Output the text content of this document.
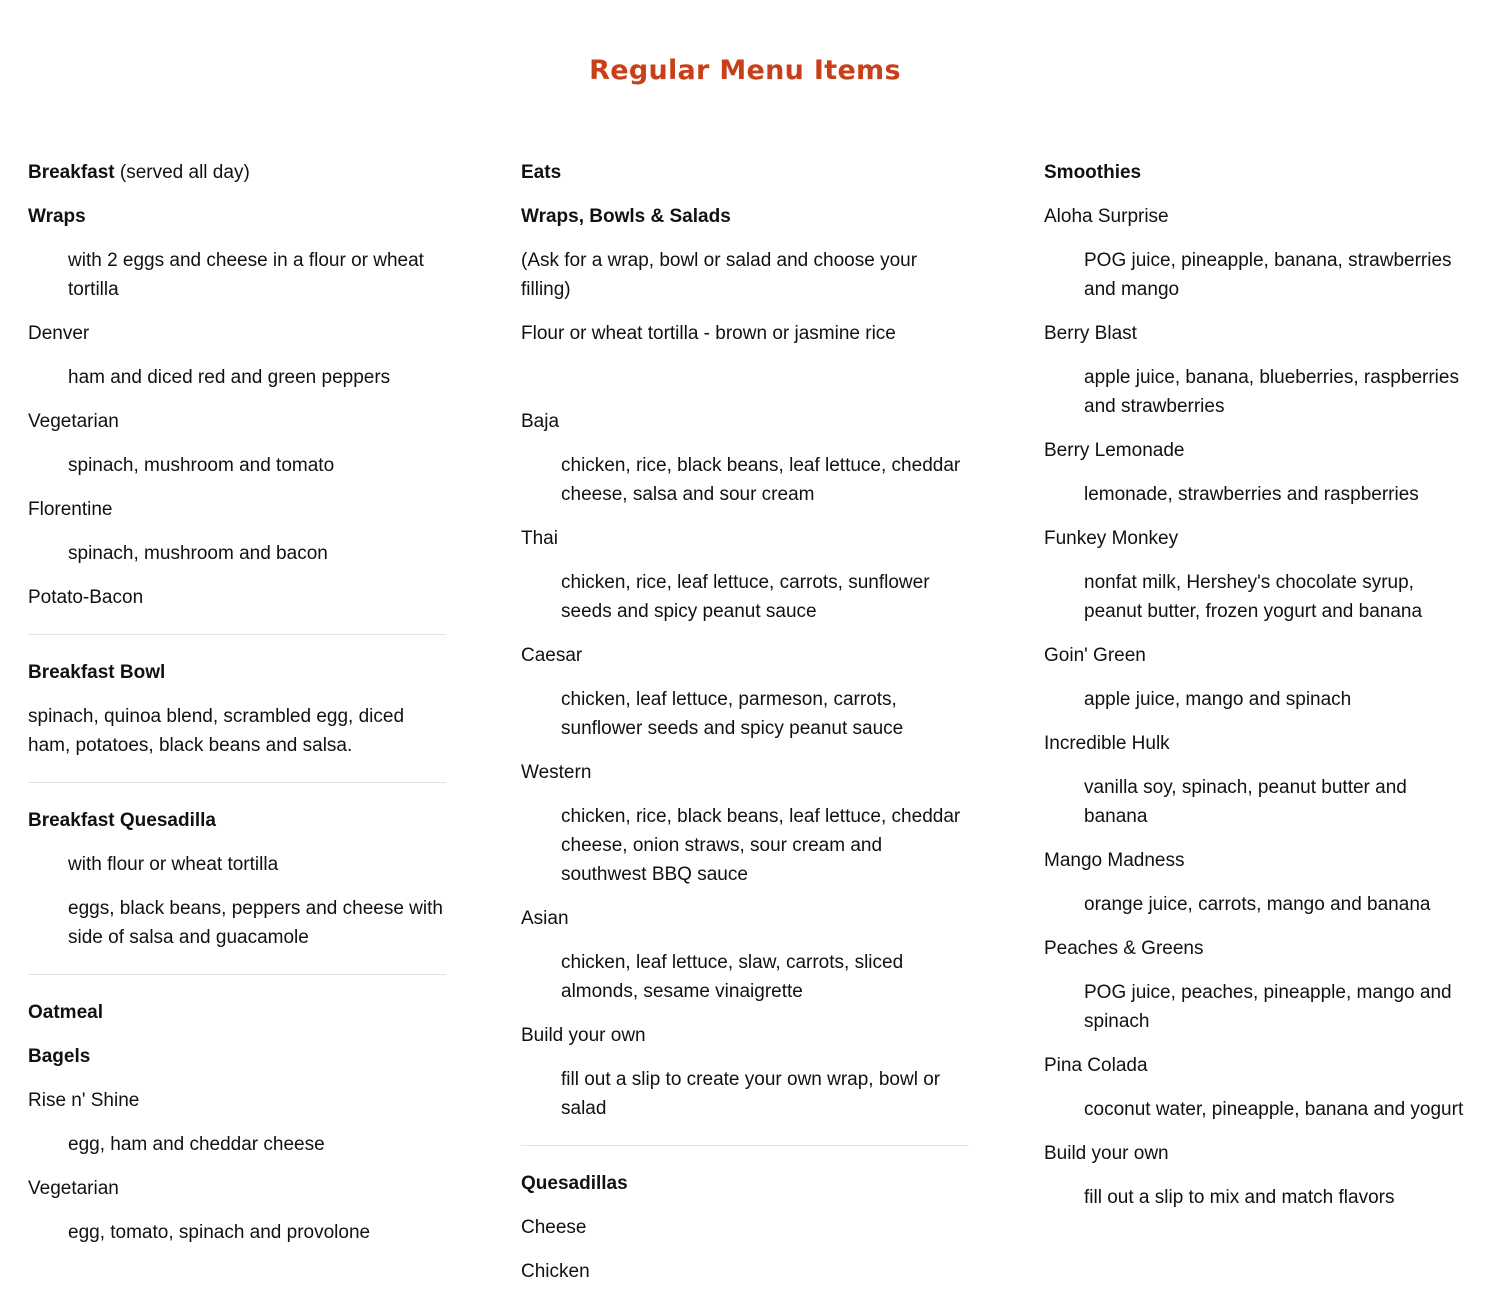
Regular Menu Items

Breakfast (served all day)

Wraps

with 2 eggs and cheese in a flour or wheat tortilla

Denver

ham and diced red and green peppers

Vegetarian

spinach, mushroom and tomato

Florentine

spinach, mushroom and bacon

Potato-Bacon

Breakfast Bowl

spinach, quinoa blend, scrambled egg, diced ham, potatoes, black beans and salsa.

Breakfast Quesadilla

with flour or wheat tortilla

eggs, black beans, peppers and cheese with side of salsa and guacamole

Oatmeal

Bagels

Rise n' Shine

egg, ham and cheddar cheese

Vegetarian

egg, tomato, spinach and provolone

Eats

Wraps, Bowls & Salads

(Ask for a wrap, bowl or salad and choose your filling)

Flour or wheat tortilla - brown or jasmine rice

Baja

chicken, rice, black beans, leaf lettuce, cheddar cheese, salsa and sour cream

Thai

chicken, rice, leaf lettuce, carrots, sunflower seeds and spicy peanut sauce

Caesar

chicken, leaf lettuce, parmeson, carrots, sunflower seeds and spicy peanut sauce

Western

chicken, rice, black beans, leaf lettuce, cheddar cheese, onion straws, sour cream and southwest BBQ sauce

Asian

chicken, leaf lettuce, slaw, carrots, sliced almonds, sesame vinaigrette

Build your own

fill out a slip to create your own wrap, bowl or salad

Quesadillas

Cheese

Chicken

Smoothies

Aloha Surprise

POG juice, pineapple, banana, strawberries and mango

Berry Blast

apple juice, banana, blueberries, raspberries and strawberries

Berry Lemonade

lemonade, strawberries and raspberries

Funkey Monkey

nonfat milk, Hershey's chocolate syrup, peanut butter, frozen yogurt and banana

Goin' Green

apple juice, mango and spinach

Incredible Hulk

vanilla soy, spinach, peanut butter and banana

Mango Madness

orange juice, carrots, mango and banana

Peaches & Greens

POG juice, peaches, pineapple, mango and spinach

Pina Colada

coconut water, pineapple, banana and yogurt

Build your own

fill out a slip to mix and match flavors
